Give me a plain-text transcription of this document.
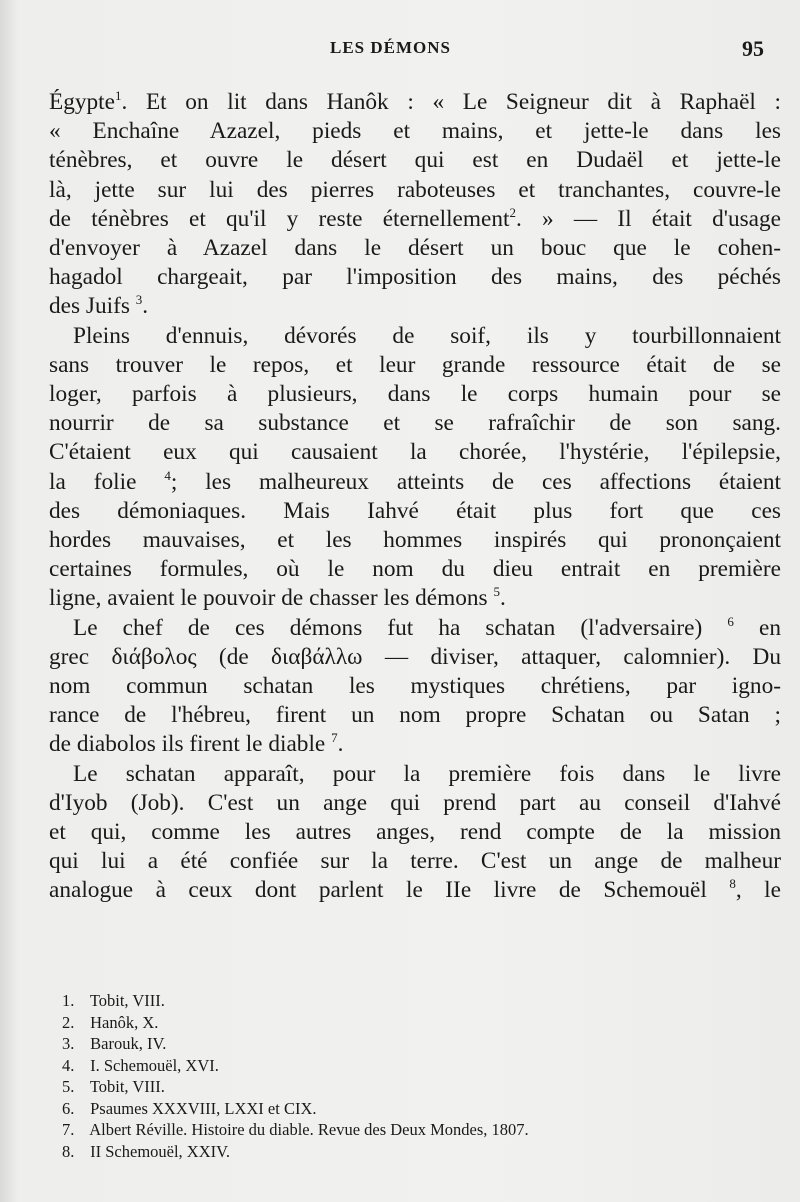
LES DÉMONS	95
Égypte$^1$. Et on lit dans Hanôk : « Le Seigneur dit à Raphaël :
« Enchaîne Azazel, pieds et mains, et jette-le dans les
ténèbres, et ouvre le désert qui est en Dudaël et jette-le
là, jette sur lui des pierres raboteuses et tranchantes, couvre-le
de ténèbres et qu'il y reste éternellement$^2$. » — Il était d'usage
d'envoyer à Azazel dans le désert un bouc que le cohen-
hagadol chargeait, par l'imposition des mains, des péchés
des Juifs $^3$.
Pleins d'ennuis, dévorés de soif, ils y tourbillonnaient
sans trouver le repos, et leur grande ressource était de se
loger, parfois à plusieurs, dans le corps humain pour se
nourrir de sa substance et se rafraîchir de son sang.
C'étaient eux qui causaient la chorée, l'hystérie, l'épilepsie,
la folie $^4$; les malheureux atteints de ces affections étaient
des démoniaques. Mais Iahvé était plus fort que ces
hordes mauvaises, et les hommes inspirés qui prononçaient
certaines formules, où le nom du dieu entrait en première
ligne, avaient le pouvoir de chasser les démons $^5$.
Le chef de ces démons fut ha schatan (l'adversaire) $^6$ en
grec διάβολος (de διαβάλλω — diviser, attaquer, calomnier). Du
nom commun schatan les mystiques chrétiens, par igno-
rance de l'hébreu, firent un nom propre Schatan ou Satan ;
de diabolos ils firent le diable $^7$.
Le schatan apparaît, pour la première fois dans le livre
d'Iyob (Job). C'est un ange qui prend part au conseil d'Iahvé
et qui, comme les autres anges, rend compte de la mission
qui lui a été confiée sur la terre. C'est un ange de malheur
analogue à ceux dont parlent le IIe livre de Schemouël $^8$, le
1. Tobit, VIII.
2. Hanôk, X.
3. Barouk, IV.
4. I. Schemouël, XVI.
5. Tobit, VIII.
6. Psaumes XXXVIII, LXXI et CIX.
7. Albert Réville. Histoire du diable. Revue des Deux Mondes, 1807.
8. II Schemouël, XXIV.
